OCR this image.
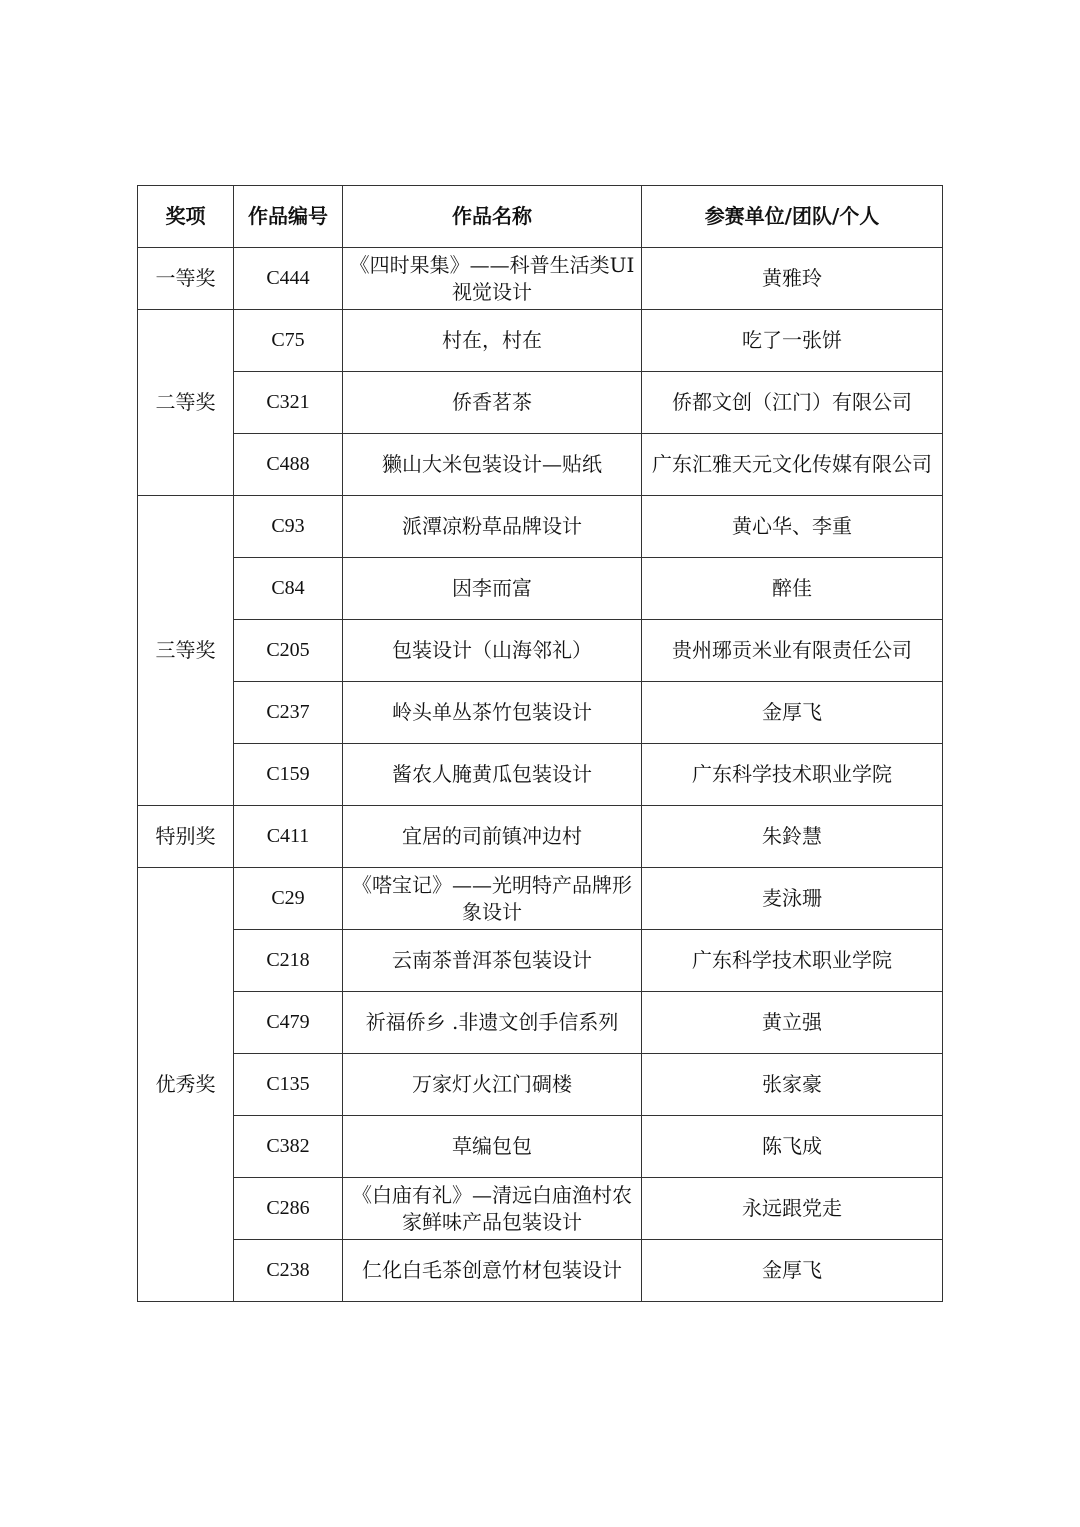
奖项	作品编号	作品名称	参赛单位/团队/个人
一等奖	C444	《四时果集》——科普生活类UI 视觉设计	黄雅玲
二等奖	C75	村在，村在	吃了一张饼
	C321	侨香茗茶	侨都文创（江门）有限公司
	C488	獭山大米包装设计—贴纸	广东汇雅天元文化传媒有限公司
三等奖	C93	派潭凉粉草品牌设计	黄心华、李重
	C84	因李而富	醉佳
	C205	包装设计（山海邻礼）	贵州琊贡米业有限责任公司
	C237	岭头单丛茶竹包装设计	金厚飞
	C159	酱农人腌黄瓜包装设计	广东科学技术职业学院
特别奖	C411	宜居的司前镇冲边村	朱鈴慧
优秀奖	C29	《嗒宝记》——光明特产品牌形象设计	麦泳珊
	C218	云南茶普洱茶包装设计	广东科学技术职业学院
	C479	祈福侨乡 .非遗文创手信系列	黄立强
	C135	万家灯火江门碉楼	张家豪
	C382	草编包包	陈飞成
	C286	《白庙有礼》—清远白庙渔村农家鲜味产品包装设计	永远跟党走
	C238	仁化白毛茶创意竹材包装设计	金厚飞
